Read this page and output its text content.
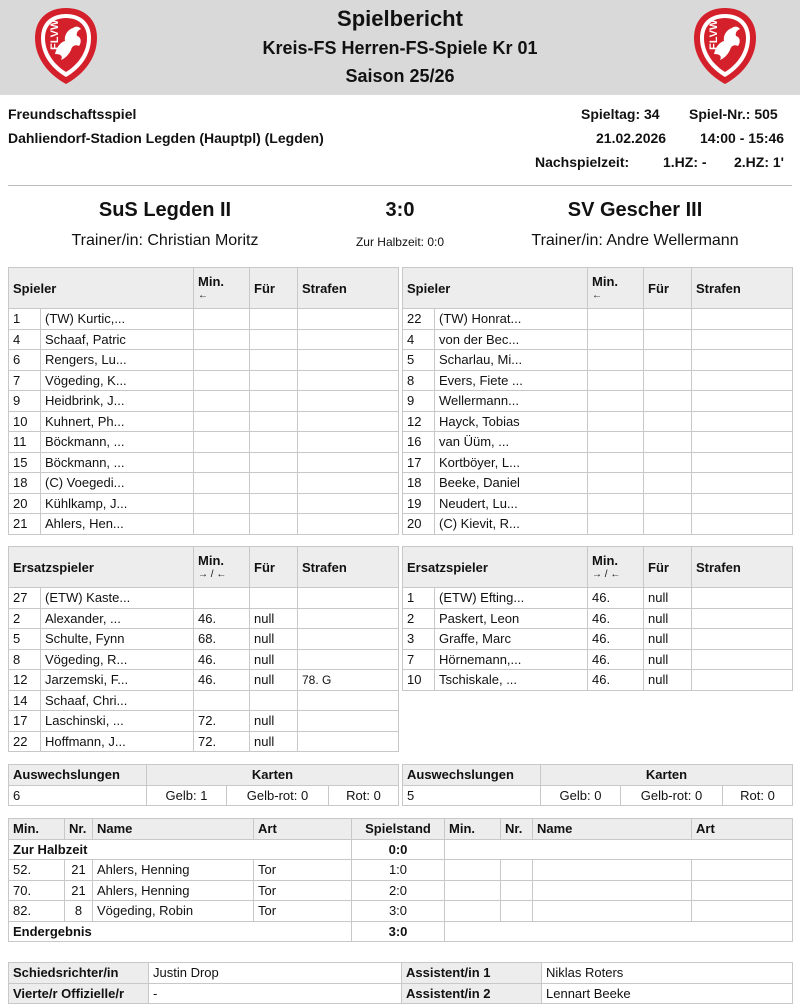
FLVW
Spielbericht
Kreis-FS Herren-FS-Spiele Kr 01
Saison 25/26
FLVW
Freundschaftsspiel
Dahliendorf-Stadion Legden (Hauptpl) (Legden)
Spieltag: 34 Spiel-Nr.: 505
21.02.2026 14:00 - 15:46
Nachspielzeit: 1.HZ: - 2.HZ: 1'
SuS Legden II	3:0	SV Gescher III
Trainer/in: Christian Moritz	Zur Halbzeit: 0:0	Trainer/in: Andre Wellermann
Spieler		Min.
←	Für	Strafen
1	(TW) Kurtic,...			
4	Schaaf, Patric			
6	Rengers, Lu...			
7	Vögeding, K...			
9	Heidbrink, J...			
10	Kuhnert, Ph...			
11	Böckmann, ...			
15	Böckmann, ...			
18	(C) Voegedi...			
20	Kühlkamp, J...			
21	Ahlers, Hen...			
Spieler		Min.
←	Für	Strafen
22	(TW) Honrat...			
4	von der Bec...			
5	Scharlau, Mi...			
8	Evers, Fiete ...			
9	Wellermann...			
12	Hayck, Tobias			
16	van Üüm, ...			
17	Kortböyer, L...			
18	Beeke, Daniel			
19	Neudert, Lu...			
20	(C) Kievit, R...			
Ersatzspieler		Min.
→ / ←	Für	Strafen
27	(ETW) Kaste...			
2	Alexander, ...	46.	null	
5	Schulte, Fynn	68.	null	
8	Vögeding, R...	46.	null	
12	Jarzemski, F...	46.	null	78. G
14	Schaaf, Chri...			
17	Laschinski, ...	72.	null	
22	Hoffmann, J...	72.	null	
Ersatzspieler		Min.
→ / ←	Für	Strafen
1	(ETW) Efting...	46.	null	
2	Paskert, Leon	46.	null	
3	Graffe, Marc	46.	null	
7	Hörnemann,...	46.	null	
10	Tschiskale, ...	46.	null	
Auswechslungen	Karten		
6	Gelb: 1	Gelb-rot: 0	Rot: 0
Auswechslungen	Karten		
5	Gelb: 0	Gelb-rot: 0	Rot: 0
Min.	Nr.	Name	Art	Spielstand	Min.	Nr.	Name	Art
Zur Halbzeit				0:0				
52.	21	Ahlers, Henning	Tor	1:0				
70.	21	Ahlers, Henning	Tor	2:0				
82.	8	Vögeding, Robin	Tor	3:0				
Endergebnis				3:0				
Schiedsrichter/in	Justin Drop	Assistent/in 1	Niklas Roters
Vierte/r Offizielle/r	-	Assistent/in 2	Lennart Beeke
